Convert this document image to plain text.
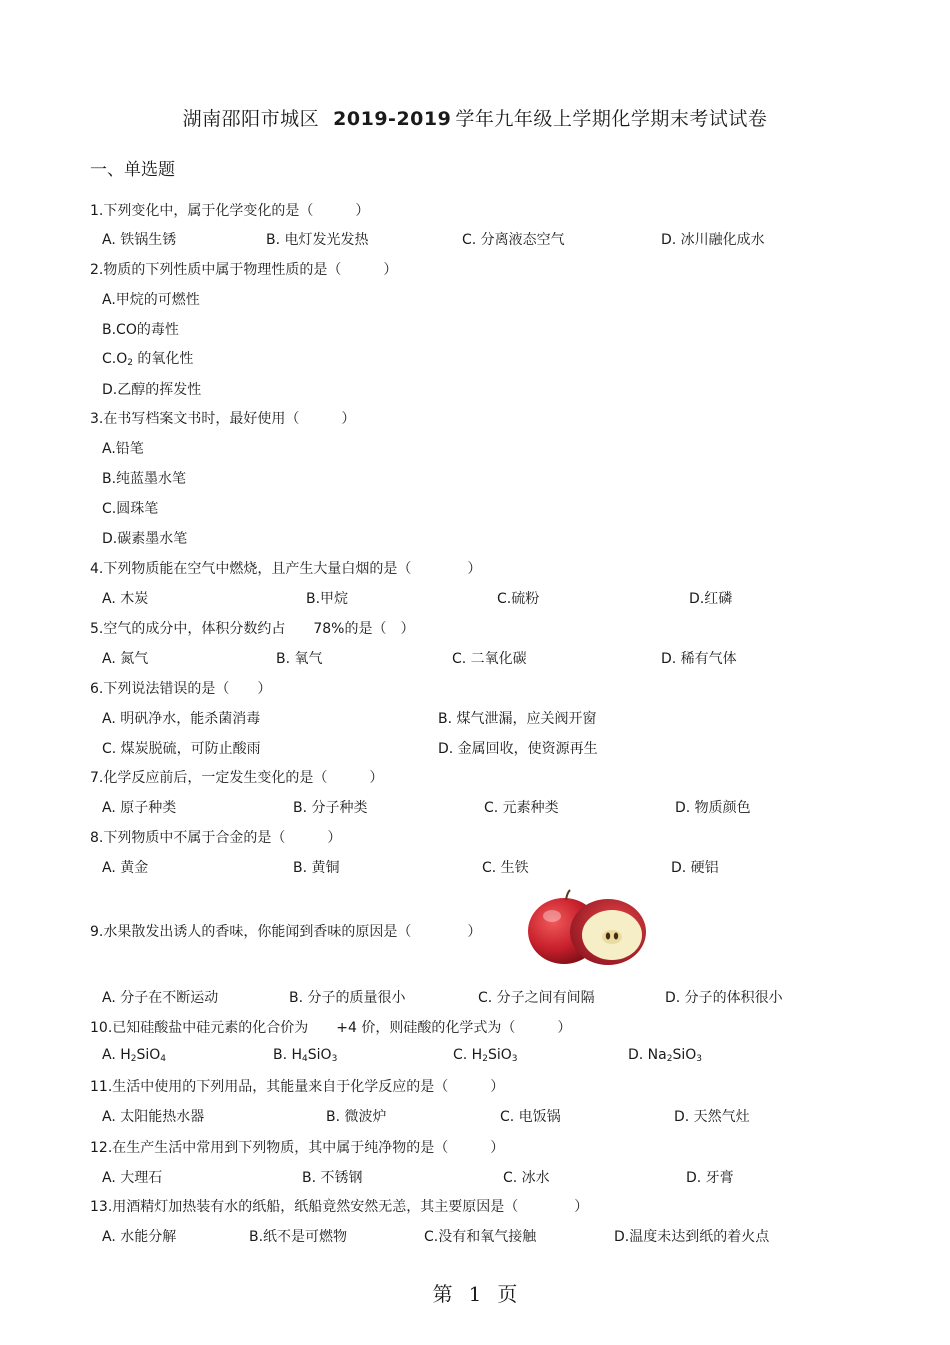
湖南邵阳市城区 2019-2019 学年九年级上学期化学期末考试试卷
一、单选题
1.下列变化中，属于化学变化的是（　　　）
A. 铁锅生锈	B. 电灯发光发热	C. 分离液态空气	D. 冰川融化成水
2.物质的下列性质中属于物理性质的是（　　　）
A.甲烷的可燃性
B.CO的毒性
$C.O_2$ 的氧化性
D.乙醇的挥发性
3.在书写档案文书时，最好使用（　　　）
A.铅笔
B.纯蓝墨水笔
C.圆珠笔
D.碳素墨水笔
4.下列物质能在空气中燃烧，且产生大量白烟的是（　　　　）
A. 木炭	B.甲烷	C.硫粉	D.红磷
5.空气的成分中，体积分数约占　　78%的是（　）
A. 氮气	B. 氧气	C. 二氧化碳	D. 稀有气体
6.下列说法错误的是（　　）
A. 明矾净水，能杀菌消毒	B. 煤气泄漏，应关阀开窗
C. 煤炭脱硫，可防止酸雨	D. 金属回收，使资源再生
7.化学反应前后，一定发生变化的是（　　　）
A. 原子种类	B. 分子种类	C. 元素种类	D. 物质颜色
8.下列物质中不属于合金的是（　　　）
A. 黄金	B. 黄铜	C. 生铁	D. 硬铝
9.水果散发出诱人的香味，你能闻到香味的原因是（　　　　）
A. 分子在不断运动	B. 分子的质量很小	C. 分子之间有间隔	D. 分子的体积很小
10.已知硅酸盐中硅元素的化合价为　　+4 价，则硅酸的化学式为（　　　）
A. $H_2SiO_4$	B. $H_4SiO_3$	C. $H_2SiO_3$	D. $Na_2SiO_3$
11.生活中使用的下列用品，其能量来自于化学反应的是（　　　）
A. 太阳能热水器	B. 微波炉	C. 电饭锅	D. 天然气灶
12.在生产生活中常用到下列物质，其中属于纯净物的是（　　　）
A. 大理石	B. 不锈钢	C. 冰水	D. 牙膏
13.用酒精灯加热装有水的纸船，纸船竟然安然无恙，其主要原因是（　　　　）
A. 水能分解	B.纸不是可燃物	C.没有和氧气接触	D.温度未达到纸的着火点
第 1 页
